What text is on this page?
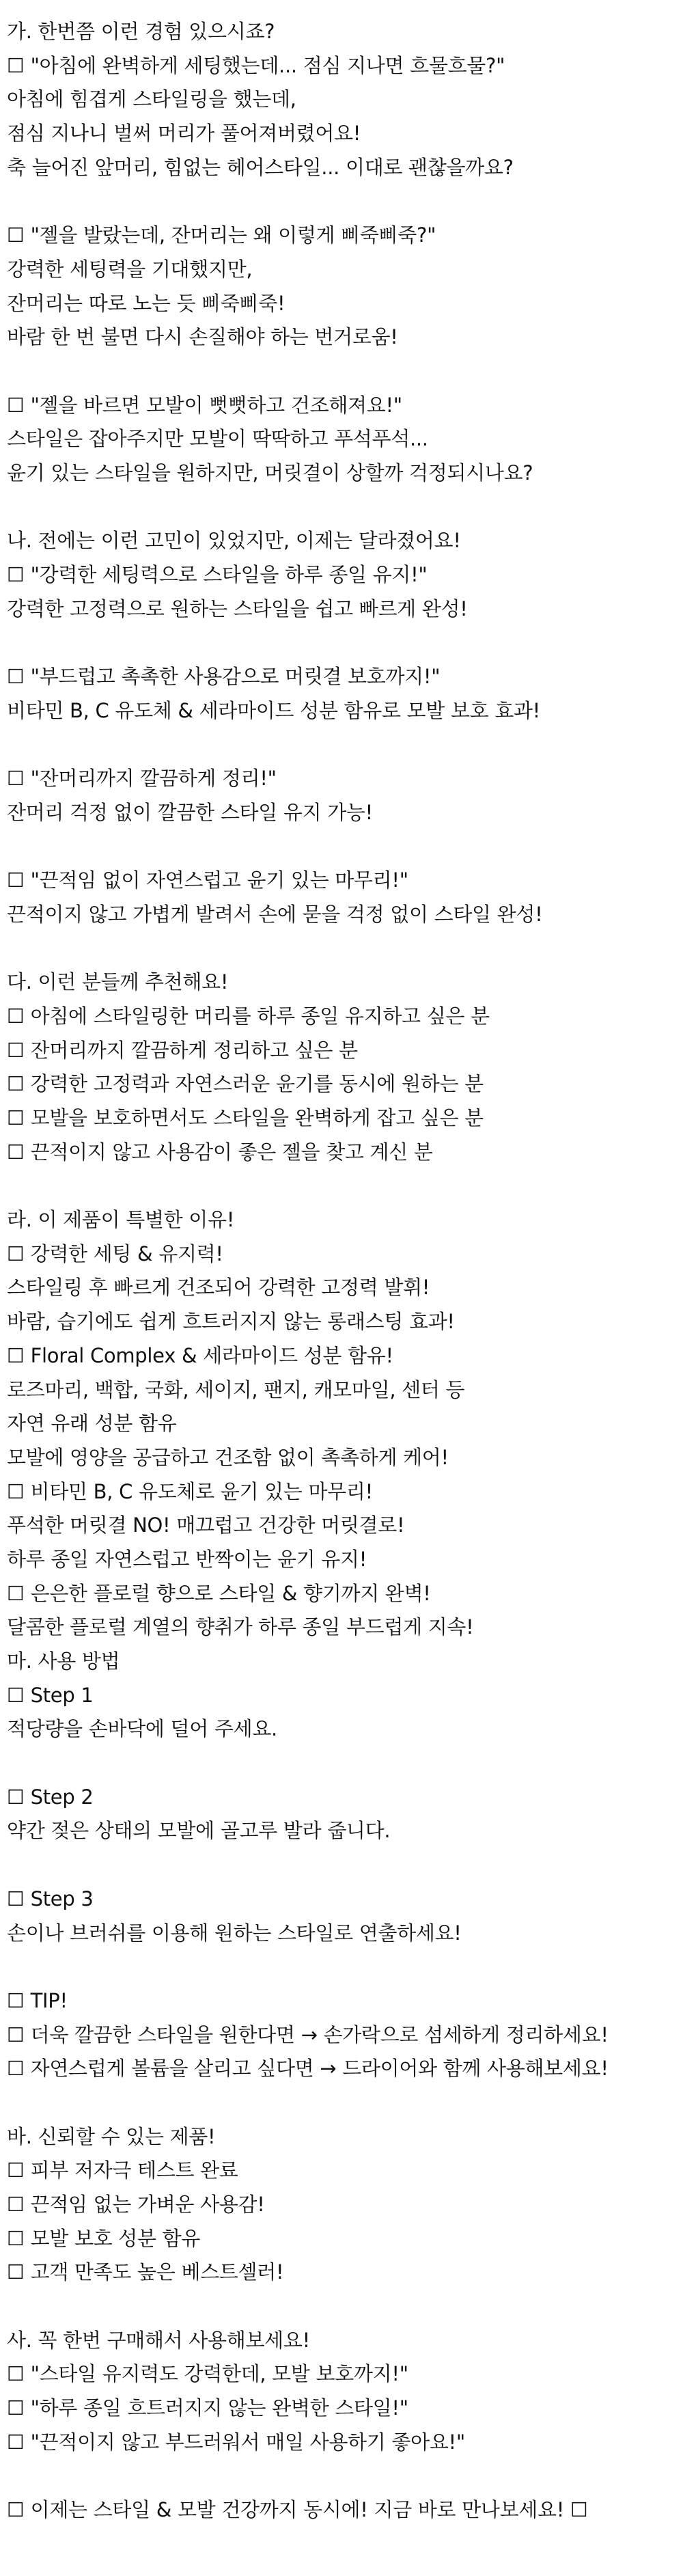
가. 한번쯤 이런 경험 있으시죠?
☐ "아침에 완벽하게 세팅했는데... 점심 지나면 흐물흐물?"
아침에 힘겹게 스타일링을 했는데,
점심 지나니 벌써 머리가 풀어져버렸어요!
축 늘어진 앞머리, 힘없는 헤어스타일... 이대로 괜찮을까요?
☐ "젤을 발랐는데, 잔머리는 왜 이렇게 삐죽삐죽?"
강력한 세팅력을 기대했지만,
잔머리는 따로 노는 듯 삐죽삐죽!
바람 한 번 불면 다시 손질해야 하는 번거로움!
☐ "젤을 바르면 모발이 뻣뻣하고 건조해져요!"
스타일은 잡아주지만 모발이 딱딱하고 푸석푸석...
윤기 있는 스타일을 원하지만, 머릿결이 상할까 걱정되시나요?
나. 전에는 이런 고민이 있었지만, 이제는 달라졌어요!
☐ "강력한 세팅력으로 스타일을 하루 종일 유지!"
강력한 고정력으로 원하는 스타일을 쉽고 빠르게 완성!
☐ "부드럽고 촉촉한 사용감으로 머릿결 보호까지!"
비타민 B, C 유도체 & 세라마이드 성분 함유로 모발 보호 효과!
☐ "잔머리까지 깔끔하게 정리!"
잔머리 걱정 없이 깔끔한 스타일 유지 가능!
☐ "끈적임 없이 자연스럽고 윤기 있는 마무리!"
끈적이지 않고 가볍게 발려서 손에 묻을 걱정 없이 스타일 완성!
다. 이런 분들께 추천해요!
☐ 아침에 스타일링한 머리를 하루 종일 유지하고 싶은 분
☐ 잔머리까지 깔끔하게 정리하고 싶은 분
☐ 강력한 고정력과 자연스러운 윤기를 동시에 원하는 분
☐ 모발을 보호하면서도 스타일을 완벽하게 잡고 싶은 분
☐ 끈적이지 않고 사용감이 좋은 젤을 찾고 계신 분
라. 이 제품이 특별한 이유!
☐ 강력한 세팅 & 유지력!
스타일링 후 빠르게 건조되어 강력한 고정력 발휘!
바람, 습기에도 쉽게 흐트러지지 않는 롱래스팅 효과!
☐ Floral Complex & 세라마이드 성분 함유!
로즈마리, 백합, 국화, 세이지, 팬지, 캐모마일, 센터 등
자연 유래 성분 함유
모발에 영양을 공급하고 건조함 없이 촉촉하게 케어!
☐ 비타민 B, C 유도체로 윤기 있는 마무리!
푸석한 머릿결 NO! 매끄럽고 건강한 머릿결로!
하루 종일 자연스럽고 반짝이는 윤기 유지!
☐ 은은한 플로럴 향으로 스타일 & 향기까지 완벽!
달콤한 플로럴 계열의 향취가 하루 종일 부드럽게 지속!
마. 사용 방법
☐ Step 1
적당량을 손바닥에 덜어 주세요.
☐ Step 2
약간 젖은 상태의 모발에 골고루 발라 줍니다.
☐ Step 3
손이나 브러쉬를 이용해 원하는 스타일로 연출하세요!
☐ TIP!
☐ 더욱 깔끔한 스타일을 원한다면 → 손가락으로 섬세하게 정리하세요!
☐ 자연스럽게 볼륨을 살리고 싶다면 → 드라이어와 함께 사용해보세요!
바. 신뢰할 수 있는 제품!
☐ 피부 저자극 테스트 완료
☐ 끈적임 없는 가벼운 사용감!
☐ 모발 보호 성분 함유
☐ 고객 만족도 높은 베스트셀러!
사. 꼭 한번 구매해서 사용해보세요!
☐ "스타일 유지력도 강력한데, 모발 보호까지!"
☐ "하루 종일 흐트러지지 않는 완벽한 스타일!"
☐ "끈적이지 않고 부드러워서 매일 사용하기 좋아요!"
☐ 이제는 스타일 & 모발 건강까지 동시에! 지금 바로 만나보세요! ☐
